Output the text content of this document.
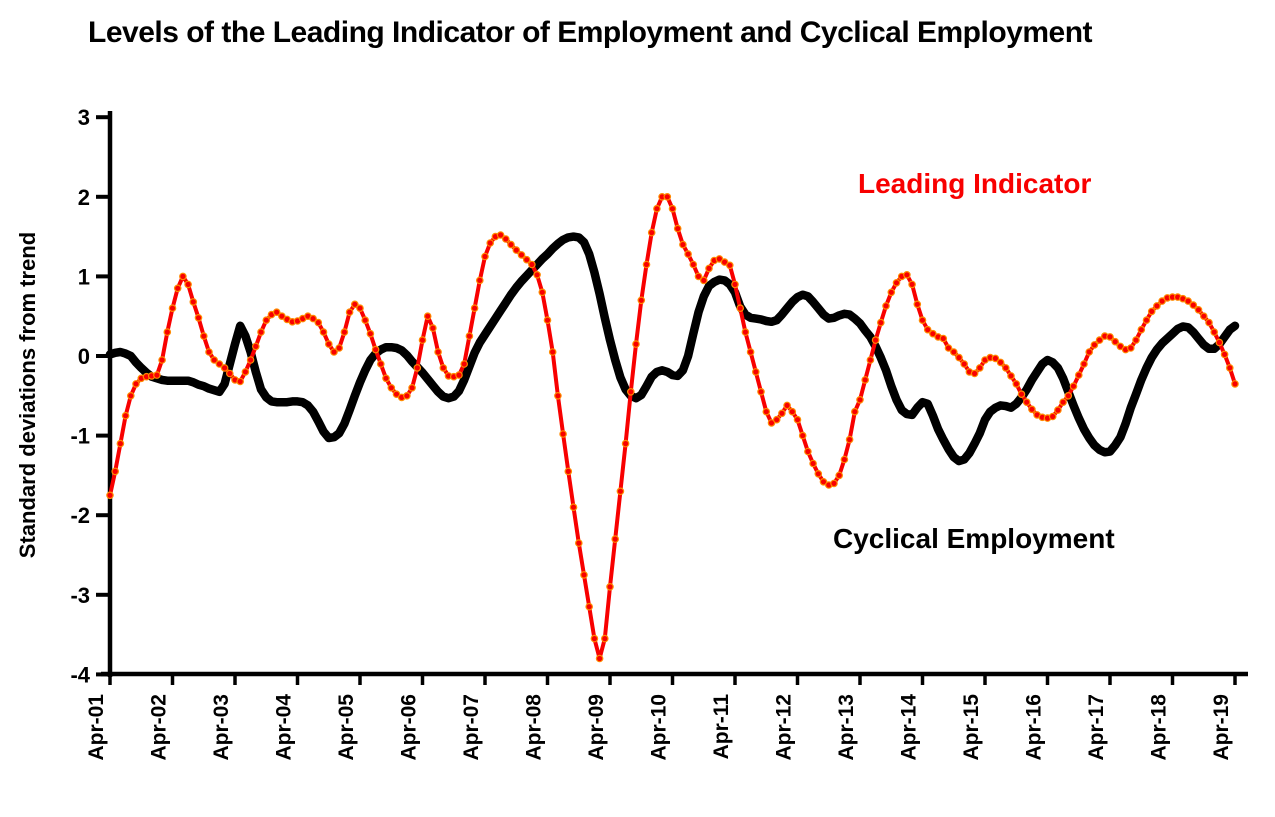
Levels of the Leading Indicator of Employment and Cyclical Employment
Standard deviations from trend
Leading Indicator
Cyclical Employment
3
2
1
0
-1
-2
-3
-4
Apr-01 Apr-02 Apr-03 Apr-04 Apr-05 Apr-06 Apr-07 Apr-08 Apr-09 Apr-10 Apr-11 Apr-12 Apr-13 Apr-14 Apr-15 Apr-16 Apr-17 Apr-18 Apr-19
